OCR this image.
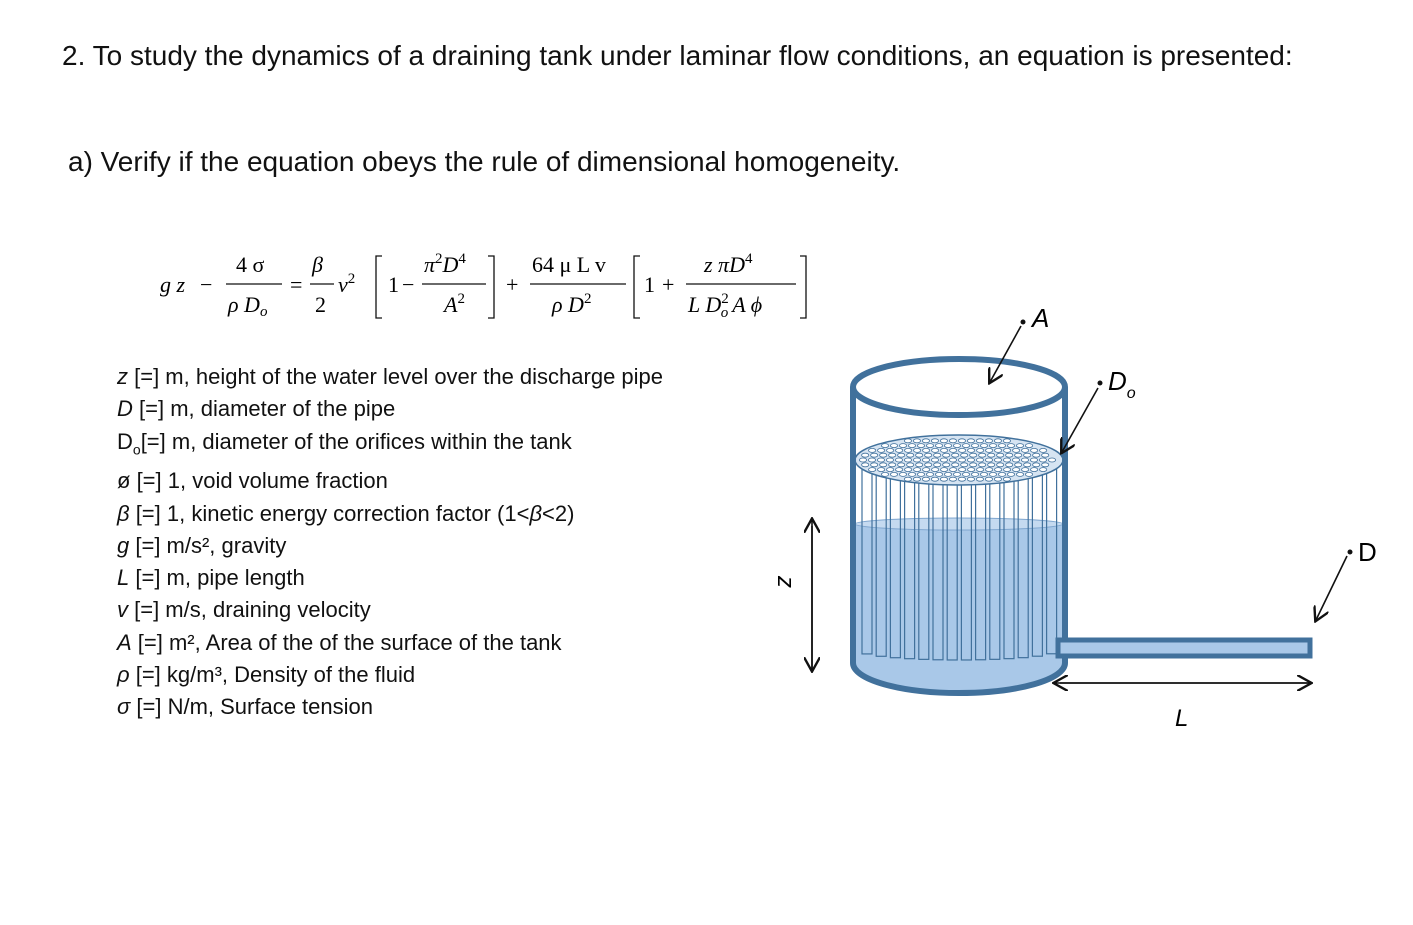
2. To study the dynamics of a draining tank under laminar flow conditions, an equation is presented:
a) Verify if the equation obeys the rule of dimensional homogeneity.
g z −
4 σ
ρ Do
=
β
2
$v^2$ 1 −
$\pi^2D^4$
$A^2$
+
64 μ L v
ρ $D^2$
1 +
z $\pi D^4$
L $D^2$ o A ϕ
z [=] m, height of the water level over the discharge pipe
D [=] m, diameter of the pipe
$D_o[=]$ m, diameter of the orifices within the tank
ø [=] 1, void volume fraction
β [=] 1, kinetic energy correction factor (1<β<2)
g [=] m/s², gravity
L [=] m, pipe length
v [=] m/s, draining velocity
A [=] m², Area of the of the surface of the tank
ρ [=] kg/m³, Density of the fluid
σ [=] N/m, Surface tension
A
$D_o$
D
z
L
